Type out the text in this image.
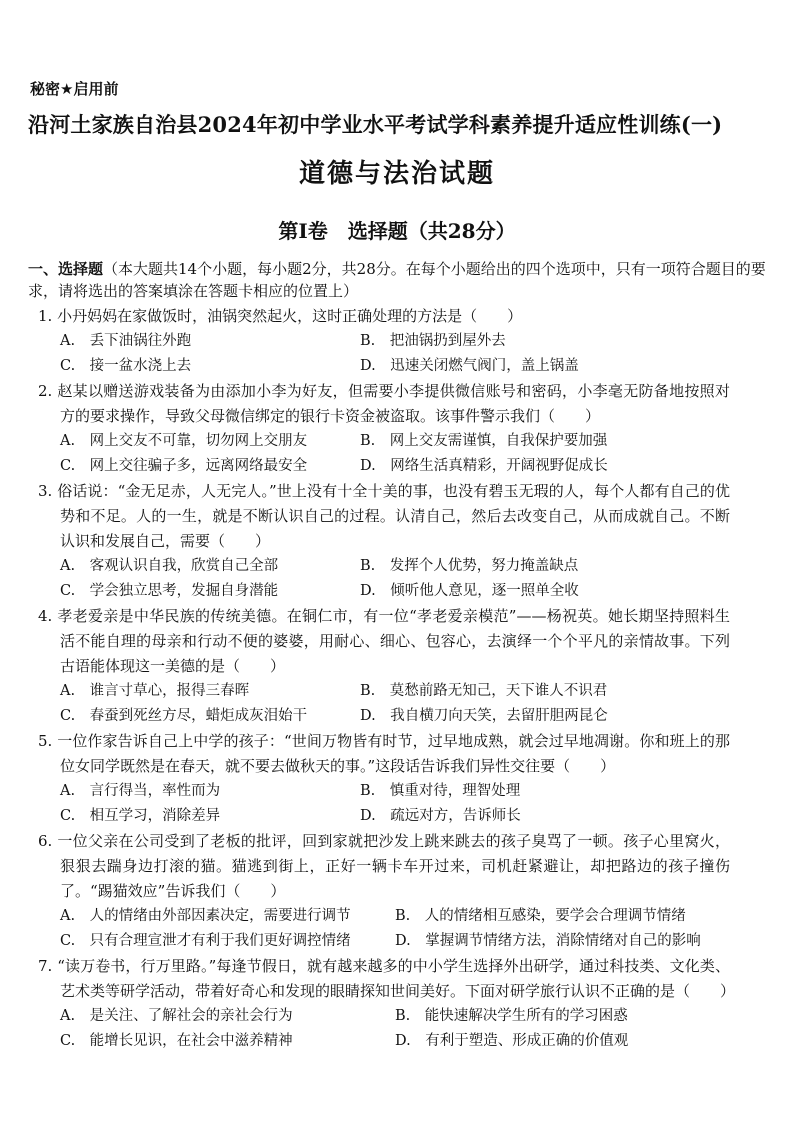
秘密★启用前
沿河土家族自治县2024年初中学业水平考试学科素养提升适应性训练(一)
道德与法治试题
第Ⅰ卷　选择题（共28分）
一、选择题（本大题共14个小题，每小题2分，共28分。在每个小题给出的四个选项中，只有一项符合题目的要求，请将选出的答案填涂在答题卡相应的位置上）
1. 小丹妈妈在家做饭时，油锅突然起火，这时正确处理的方法是（　　）
A.　丢下油锅往外跑	B.　把油锅扔到屋外去
C.　接一盆水浇上去	D.　迅速关闭燃气阀门，盖上锅盖
2. 赵某以赠送游戏装备为由添加小李为好友，但需要小李提供微信账号和密码，小李毫无防备地按照对方的要求操作，导致父母微信绑定的银行卡资金被盗取。该事件警示我们（　　）
A.　网上交友不可靠，切勿网上交朋友	B.　网上交友需谨慎，自我保护要加强
C.　网上交往骗子多，远离网络最安全	D.　网络生活真精彩，开阔视野促成长
3. 俗话说：“金无足赤，人无完人。”世上没有十全十美的事，也没有碧玉无瑕的人，每个人都有自己的优势和不足。人的一生，就是不断认识自己的过程。认清自己，然后去改变自己，从而成就自己。不断认识和发展自己，需要（　　）
A.　客观认识自我，欣赏自己全部	B.　发挥个人优势，努力掩盖缺点
C.　学会独立思考，发掘自身潜能	D.　倾听他人意见，逐一照单全收
4. 孝老爱亲是中华民族的传统美德。在铜仁市，有一位“孝老爱亲模范”——杨祝英。她长期坚持照料生活不能自理的母亲和行动不便的婆婆，用耐心、细心、包容心，去演绎一个个平凡的亲情故事。下列古语能体现这一美德的是（　　）
A.　谁言寸草心，报得三春晖	B.　莫愁前路无知己，天下谁人不识君
C.　春蚕到死丝方尽，蜡炬成灰泪始干	D.　我自横刀向天笑，去留肝胆两昆仑
5. 一位作家告诉自己上中学的孩子：“世间万物皆有时节，过早地成熟，就会过早地凋谢。你和班上的那位女同学既然是在春天，就不要去做秋天的事。”这段话告诉我们异性交往要（　　）
A.　言行得当，率性而为	B.　慎重对待，理智处理
C.　相互学习，消除差异	D.　疏远对方，告诉师长
6. 一位父亲在公司受到了老板的批评，回到家就把沙发上跳来跳去的孩子臭骂了一顿。孩子心里窝火，狠狠去踹身边打滚的猫。猫逃到街上，正好一辆卡车开过来，司机赶紧避让，却把路边的孩子撞伤了。“踢猫效应”告诉我们（　　）
A.　人的情绪由外部因素决定，需要进行调节	B.　人的情绪相互感染，要学会合理调节情绪
C.　只有合理宣泄才有利于我们更好调控情绪	D.　掌握调节情绪方法，消除情绪对自己的影响
7. “读万卷书，行万里路。”每逢节假日，就有越来越多的中小学生选择外出研学，通过科技类、文化类、艺术类等研学活动，带着好奇心和发现的眼睛探知世间美好。下面对研学旅行认识不正确的是（　　）
A.　是关注、了解社会的亲社会行为	B.　能快速解决学生所有的学习困惑
C.　能增长见识，在社会中滋养精神	D.　有利于塑造、形成正确的价值观
